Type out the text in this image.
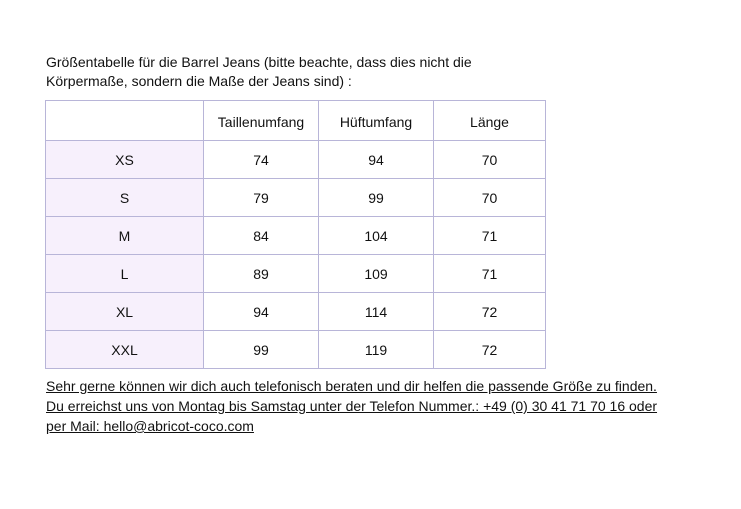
Größentabelle für die Barrel Jeans (bitte beachte, dass dies nicht die
Körpermaße, sondern die Maße der Jeans sind) :

	Taillenumfang	Hüftumfang	Länge
XS	74	94	70
S	79	99	70
M	84	104	71
L	89	109	71
XL	94	114	72
XXL	99	119	72

Sehr gerne können wir dich auch telefonisch beraten und dir helfen die passende Größe zu finden.
Du erreichst uns von Montag bis Samstag unter der Telefon Nummer.: +49 (0) 30 41 71 70 16 oder
per Mail: hello@abricot-coco.com
